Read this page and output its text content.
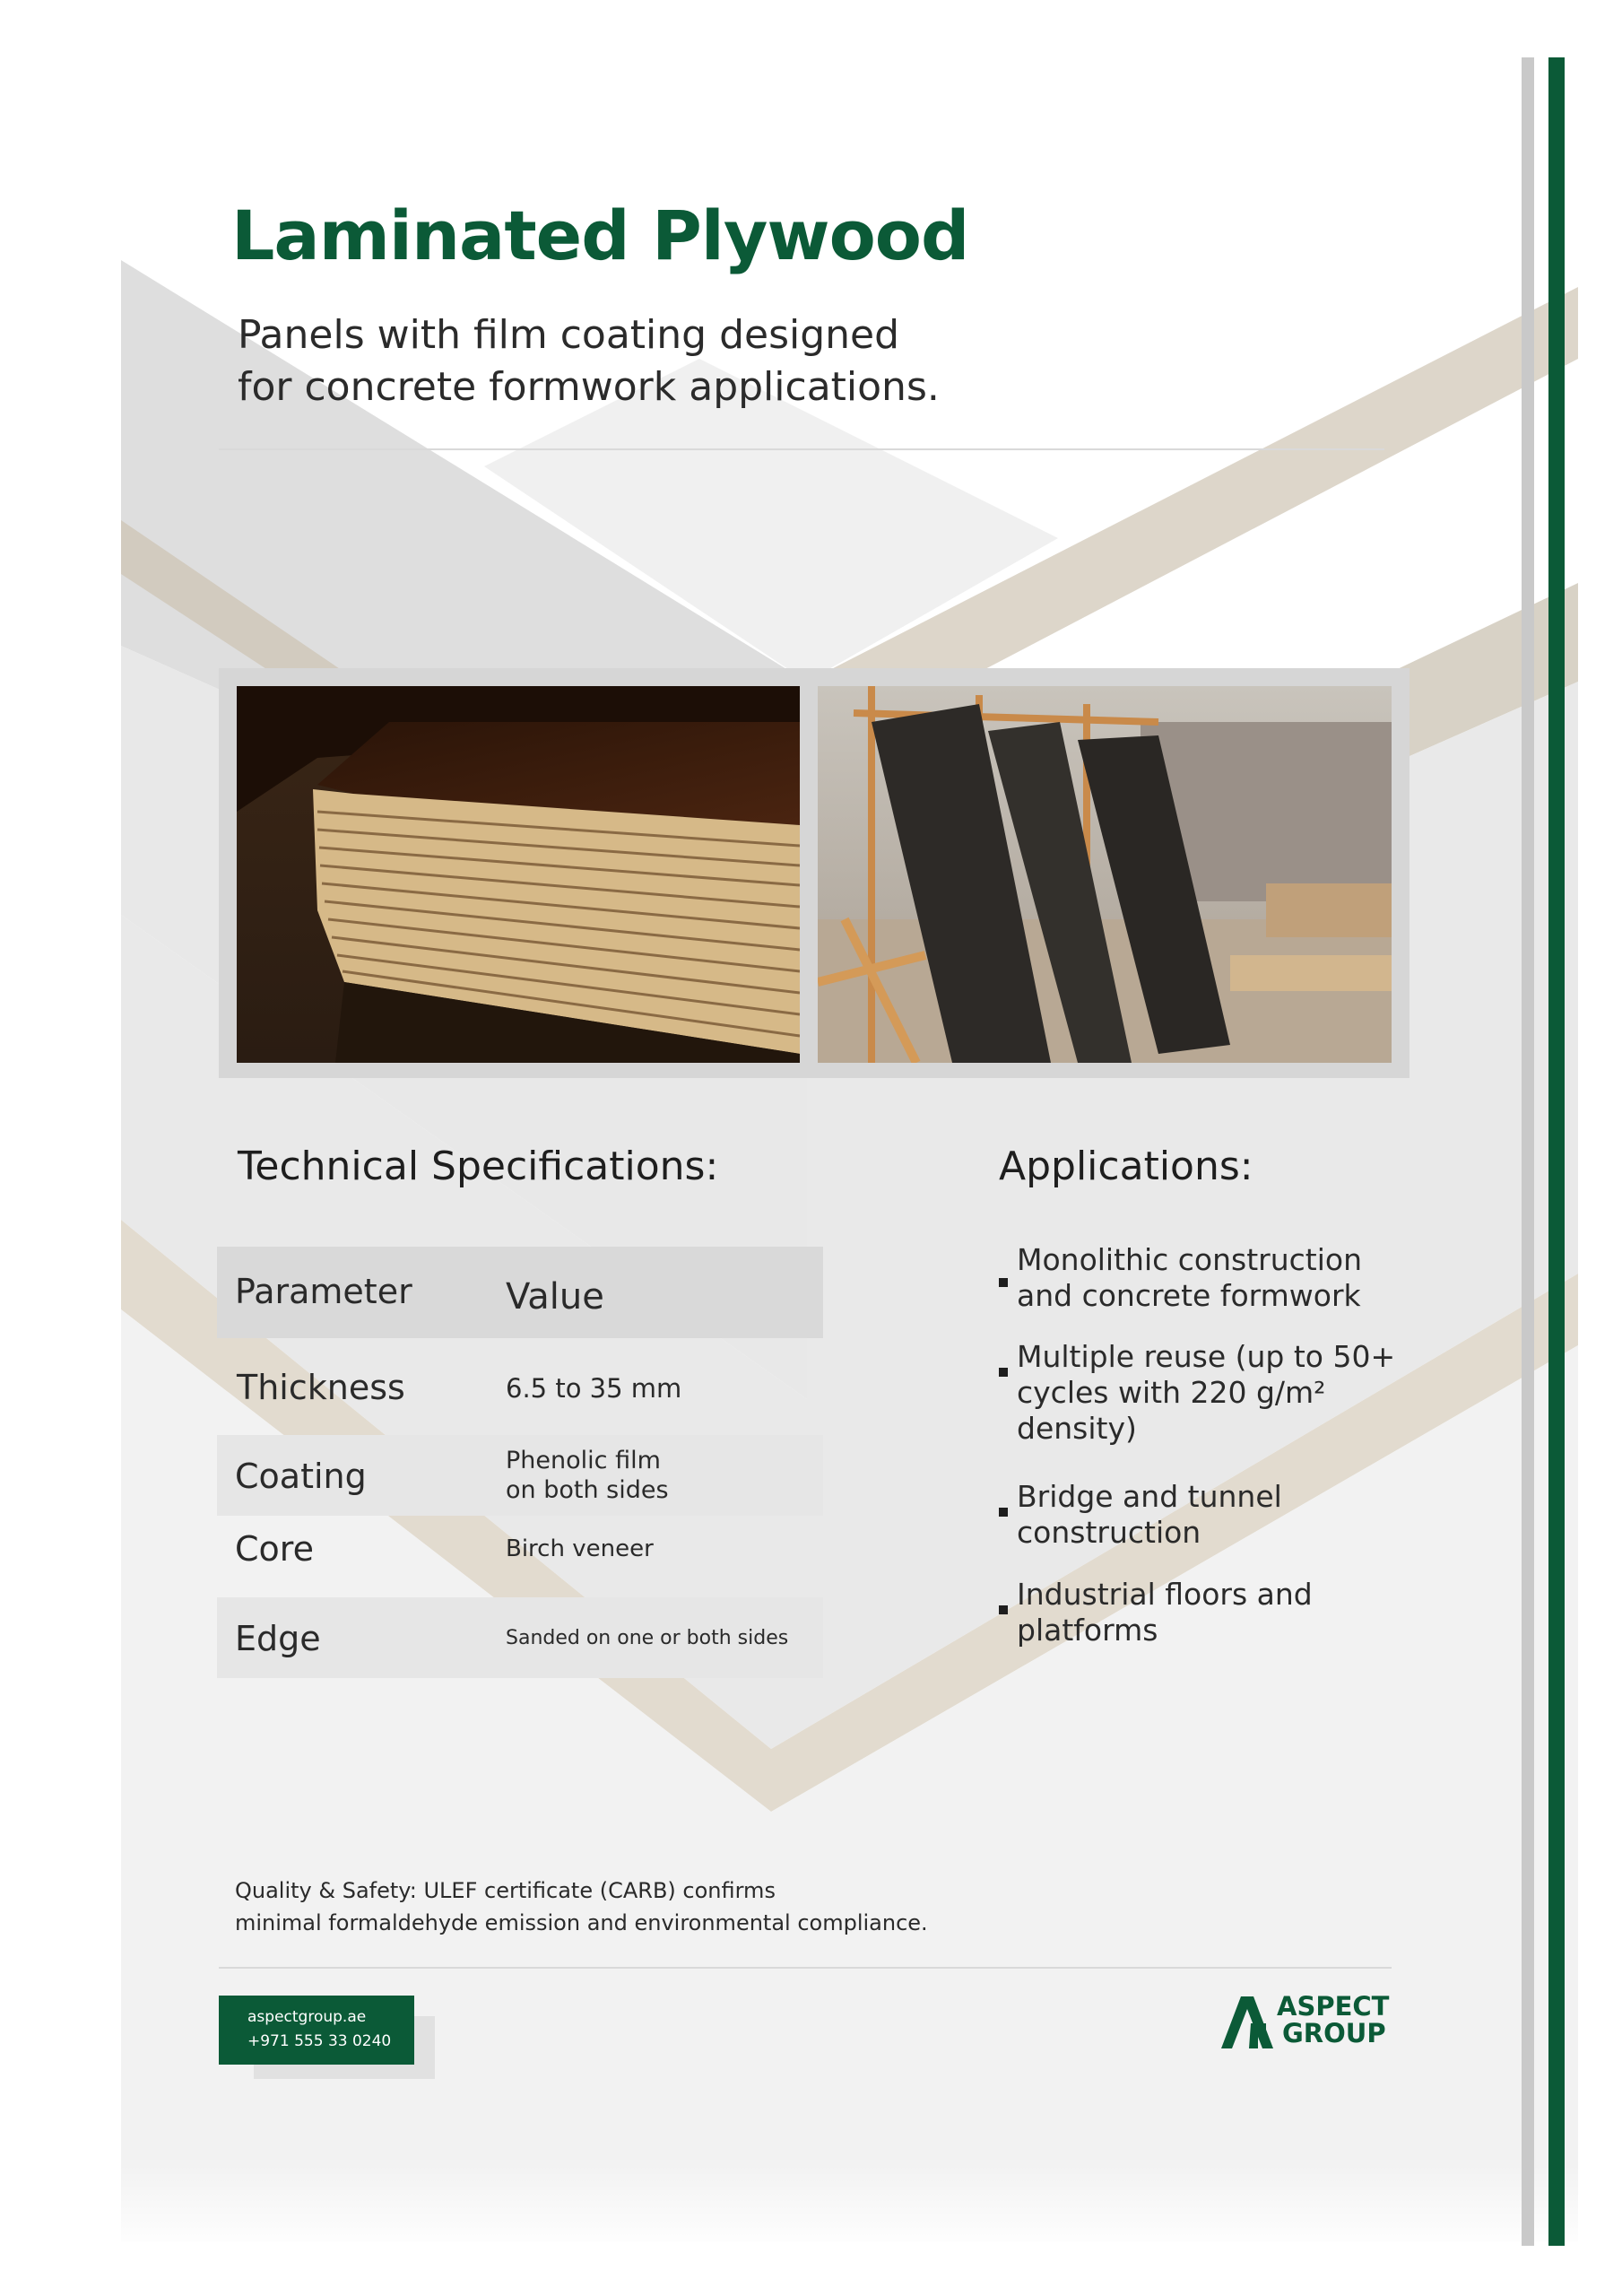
Laminated Plywood

Panels with film coating designed
for concrete formwork applications.

Technical Specifications:
Parameter	Value
Thickness	6.5 to 35 mm
Coating	Phenolic film
on both sides
Core	Birch veneer
Edge	Sanded on one or both sides
Applications:
Monolithic construction and concrete formwork
Multiple reuse (up to 50+ cycles with 220 g/m² density)
Bridge and tunnel construction
Industrial floors and platforms

Quality & Safety: ULEF certificate (CARB) confirms
minimal formaldehyde emission and environmental compliance.

aspectgroup.ae
+971 555 33 0240
ASPECT
GROUP
